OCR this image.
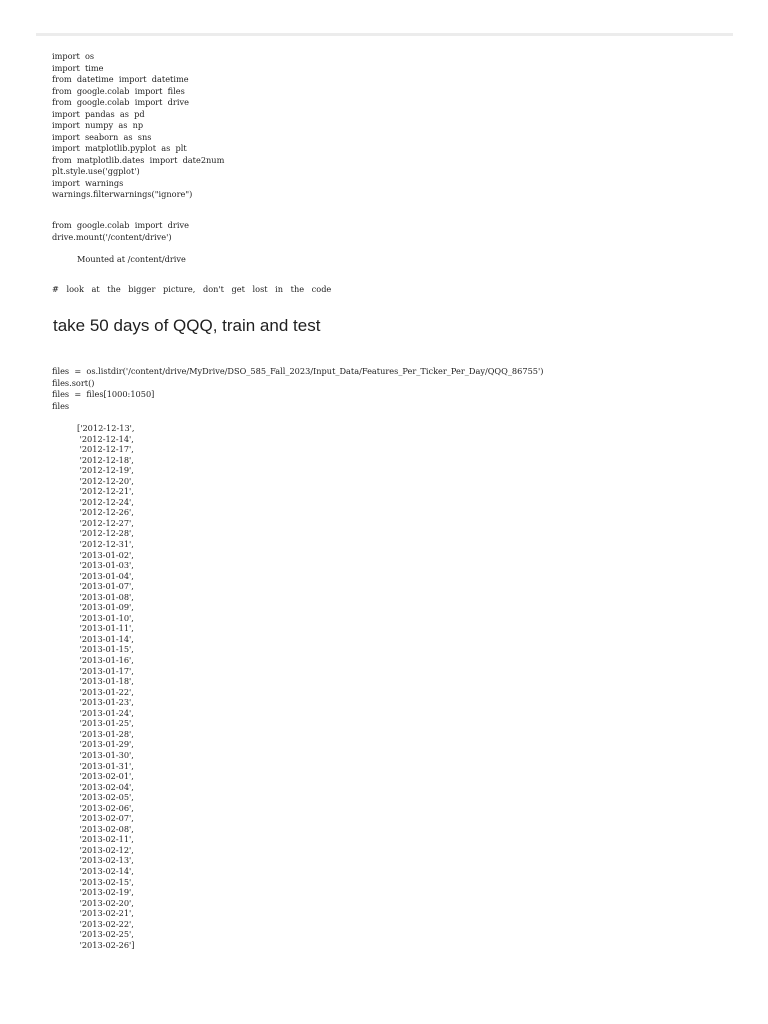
import  os
import  time
from  datetime  import  datetime
from  google.colab  import  files
from  google.colab  import  drive
import  pandas  as  pd
import  numpy  as  np
import  seaborn  as  sns
import  matplotlib.pyplot  as  plt
from  matplotlib.dates  import  date2num
plt.style.use('ggplot')
import  warnings
warnings.filterwarnings("ignore")
from  google.colab  import  drive
drive.mount('/content/drive')
Mounted at /content/drive
# look at the bigger picture, don't get lost in the code
take 50 days of QQQ, train and test
files  =  os.listdir('/content/drive/MyDrive/DSO_585_Fall_2023/Input_Data/Features_Per_Ticker_Per_Day/QQQ_86755')
files.sort()
files  =  files[1000:1050]
files
['2012-12-13',
'2012-12-14',
'2012-12-17',
'2012-12-18',
'2012-12-19',
'2012-12-20',
'2012-12-21',
'2012-12-24',
'2012-12-26',
'2012-12-27',
'2012-12-28',
'2012-12-31',
'2013-01-02',
'2013-01-03',
'2013-01-04',
'2013-01-07',
'2013-01-08',
'2013-01-09',
'2013-01-10',
'2013-01-11',
'2013-01-14',
'2013-01-15',
'2013-01-16',
'2013-01-17',
'2013-01-18',
'2013-01-22',
'2013-01-23',
'2013-01-24',
'2013-01-25',
'2013-01-28',
'2013-01-29',
'2013-01-30',
'2013-01-31',
'2013-02-01',
'2013-02-04',
'2013-02-05',
'2013-02-06',
'2013-02-07',
'2013-02-08',
'2013-02-11',
'2013-02-12',
'2013-02-13',
'2013-02-14',
'2013-02-15',
'2013-02-19',
'2013-02-20',
'2013-02-21',
'2013-02-22',
'2013-02-25',
'2013-02-26']
